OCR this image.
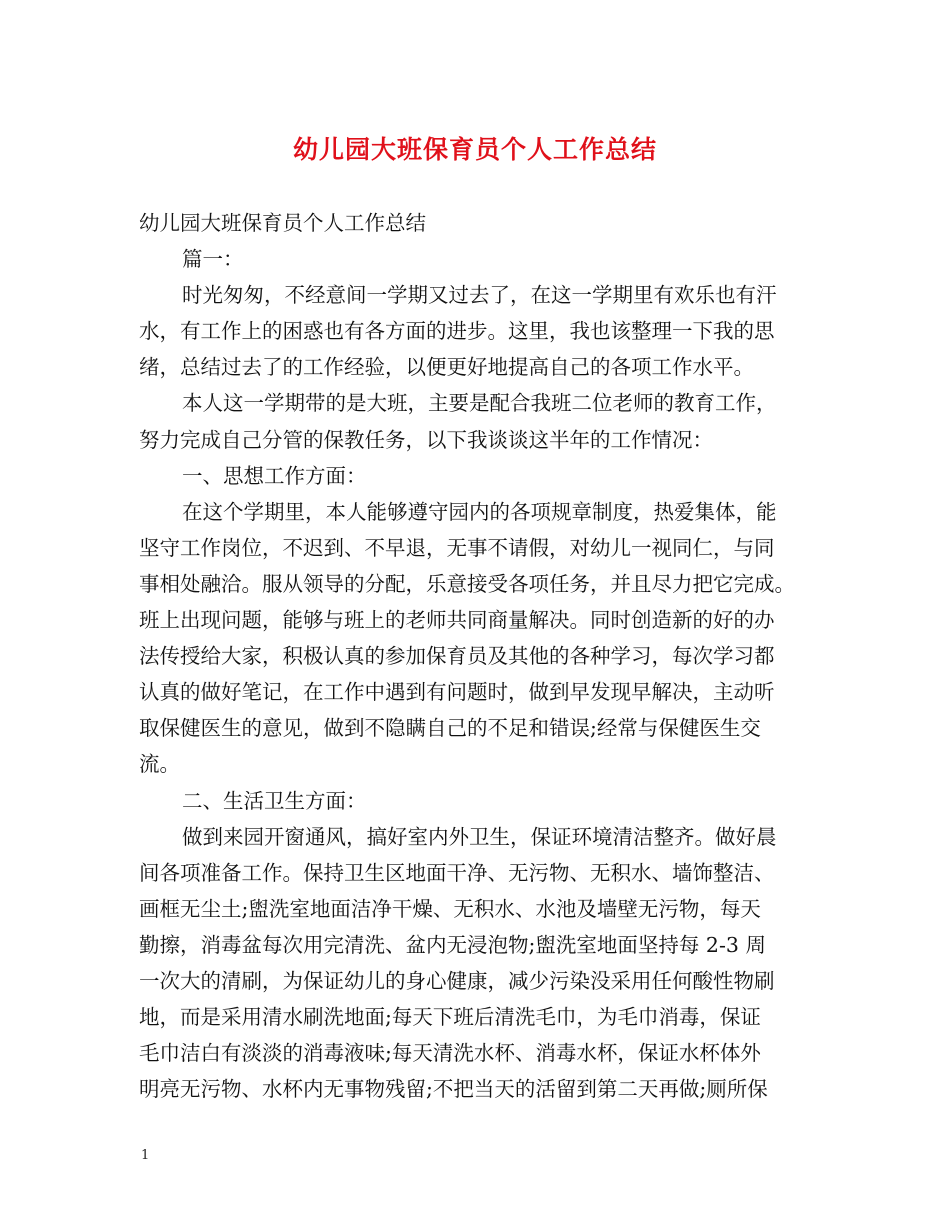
幼儿园大班保育员个人工作总结

幼儿园大班保育员个人工作总结

篇一：

时光匆匆，不经意间一学期又过去了，在这一学期里有欢乐也有汗

水，有工作上的困惑也有各方面的进步。这里，我也该整理一下我的思

绪，总结过去了的工作经验，以便更好地提高自己的各项工作水平。

本人这一学期带的是大班，主要是配合我班二位老师的教育工作，

努力完成自己分管的保教任务，以下我谈谈这半年的工作情况：

一、思想工作方面：

在这个学期里，本人能够遵守园内的各项规章制度，热爱集体，能

坚守工作岗位，不迟到、不早退，无事不请假，对幼儿一视同仁，与同

事相处融洽。服从领导的分配，乐意接受各项任务，并且尽力把它完成。

班上出现问题，能够与班上的老师共同商量解决。同时创造新的好的办

法传授给大家，积极认真的参加保育员及其他的各种学习，每次学习都

认真的做好笔记，在工作中遇到有问题时，做到早发现早解决，主动听

取保健医生的意见，做到不隐瞒自己的不足和错误;经常与保健医生交

流。

二、生活卫生方面：

做到来园开窗通风，搞好室内外卫生，保证环境清洁整齐。做好晨

间各项准备工作。保持卫生区地面干净、无污物、无积水、墙饰整洁、

画框无尘土;盥洗室地面洁净干燥、无积水、水池及墙壁无污物，每天

勤擦，消毒盆每次用完清洗、盆内无浸泡物;盥洗室地面坚持每 2-3 周

一次大的清刷，为保证幼儿的身心健康，减少污染没采用任何酸性物刷

地，而是采用清水刷洗地面;每天下班后清洗毛巾，为毛巾消毒，保证

毛巾洁白有淡淡的消毒液味;每天清洗水杯、消毒水杯，保证水杯体外

明亮无污物、水杯内无事物残留;不把当天的活留到第二天再做;厕所保

1
